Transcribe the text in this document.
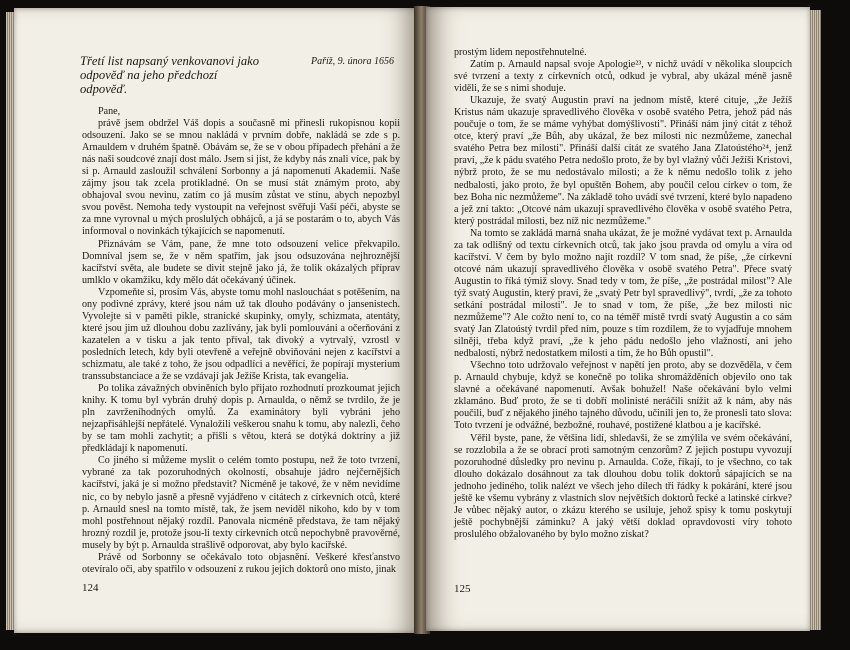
Třetí list napsaný venkovanovi jako odpověď na jeho předchozí odpověď.
Paříž, 9. února 1656

Pane,

právě jsem obdržel Váš dopis a současně mi přinesli rukopisnou kopii odsouzení. Jako se se mnou nakládá v prvním dobře, nakládá se zde s p. Arnauldem v druhém špatně. Obávám se, že se v obou případech přehání a že nás naši soudcové znají dost málo. Jsem si jist, že kdyby nás znali více, pak by si p. Arnauld zasloužil schválení Sorbonny a já napomenutí Akademii. Naše zájmy jsou tak zcela protikladné. On se musí stát známým proto, aby obhajoval svou nevinu, zatím co já musím zůstat ve stínu, abych nepozbyl svou pověst. Nemoha tedy vystoupit na veřejnost svěřuji Vaší péči, abyste se za mne vyrovnal u mých proslulých obhájců, a já se postarám o to, abych Vás informoval o novinkách týkajících se napomenutí.

Přiznávám se Vám, pane, že mne toto odsouzení velice překvapilo. Domníval jsem se, že v něm spatřím, jak jsou odsuzována nejhroznější kacířství světa, ale budete se divit stejně jako já, že tolik okázalých příprav umlklo v okamžiku, kdy mělo dát očekávaný účinek.

Vzpomeňte si, prosím Vás, abyste tomu mohl nasloucháat s potěšením, na ony podivné zprávy, které jsou nám už tak dlouho podávány o jansenistech. Vyvolejte si v paměti pikle, stranické skupinky, omyly, schizmata, atentáty, které jsou jim už dlouhou dobu zazlívány, jak byli pomlouváni a očerňováni z kazatelen a v tisku a jak tento příval, tak divoký a vytrvalý, vzrostl v posledních letech, kdy byli otevřeně a veřejně obviňováni nejen z kacířství a schizmatu, ale také z toho, že jsou odpadlíci a nevěřící, že popírají mysterium transsubstanciace a že se vzdávají jak Ježíše Krista, tak evangelia.

Po tolika závažných obviněních bylo přijato rozhodnutí prozkoumat jejich knihy. K tomu byl vybrán druhý dopis p. Arnaulda, o němž se tvrdilo, že je pln zavrženíhodných omylů. Za examinátory byli vybráni jeho nejzapřisáhlejší nepřátelé. Vynaložili veškerou snahu k tomu, aby nalezli, čeho by se tam mohli zachytit; a přišli s větou, která se dotýká doktríny a již předkládají k napomenutí.

Co jiného si můžeme myslit o celém tomto postupu, než že toto tvrzení, vybrané za tak pozoruhodných okolností, obsahuje jádro nejčernějších kacířství, jaká je si možno představit? Nicméně je takové, že v něm nevidíme nic, co by nebylo jasně a přesně vyjádřeno v citátech z církevních otců, které p. Arnauld snesl na tomto místě, tak, že jsem neviděl nikoho, kdo by v tom mohl postřehnout nějaký rozdíl. Panovala nicméně představa, že tam nějaký hrozný rozdíl je, protože jsou-li texty církevních otců nepochybně pravověrné, musely by být p. Arnaulda strašlivě odporovat, aby bylo kacířské.

Právě od Sorbonny se očekávalo toto objasnění. Veškeré křesťanstvo otevíralo oči, aby spatřilo v odsouzení z rukou jejích doktorů ono místo, jinak

124

prostým lidem nepostřehnutelné.

Zatím p. Arnauld napsal svoje Apologie²³, v nichž uvádí v několika sloupcích své tvrzení a texty z církevních otců, odkud je vybral, aby ukázal méně jasně viděli, že se s nimi shoduje.

Ukazuje, že svatý Augustin praví na jednom místě, které cituje, „že Ježíš Kristus nám ukazuje spravedlivého člověka v osobě svatého Petra, jehož pád nás poučuje o tom, že se máme vyhýbat domýšlivosti". Přináší nám jiný citát z téhož otce, který praví „že Bůh, aby ukázal, že bez milosti nic nezmůžeme, zanechal svatého Petra bez milosti". Přináší další citát ze svatého Jana Zlatoústého²⁴, jenž praví, „že k pádu svatého Petra nedošlo proto, že by byl vlažný vůči Ježíši Kristovi, nýbrž proto, že se mu nedostávalo milosti; a že k němu nedošlo tolik z jeho nedbalosti, jako proto, že byl opuštěn Bohem, aby poučil celou církev o tom, že bez Boha nic nezmůžeme". Na základě toho uvádí své tvrzení, které bylo napadeno a jež zní takto: „Otcové nám ukazují spravedlivého člověka v osobě svatého Petra, který postrádal milosti, bez níž nic nezmůžeme."

Na tomto se zakládá marná snaha ukázat, že je možné vydávat text p. Arnaulda za tak odlišný od textu církevních otců, tak jako jsou pravda od omylu a víra od kacířství. V čem by bylo možno najít rozdíl? V tom snad, že píše, „že církevní otcové nám ukazují spravedlivého člověka v osobě svatého Petra". Přece svatý Augustin to říká týmiž slovy. Snad tedy v tom, že píše, „že postrádal milost"? Ale týž svatý Augustin, který praví, že „svatý Petr byl spravedlivý", tvrdí, „že za tohoto setkání postrádal milosti". Je to snad v tom, že píše, „že bez milosti nic nezmůžeme"? Ale cožto není to, co na téměř místě tvrdí svatý Augustin a co sám svatý Jan Zlatoústý tvrdil před ním, pouze s tím rozdílem, že to vyjadřuje mnohem silněji, třeba když praví, „že k jeho pádu nedošlo jeho vlažností, ani jeho nedbalostí, nýbrž nedostatkem milosti a tím, že ho Bůh opustil".

Všechno toto udržovalo veřejnost v napětí jen proto, aby se dozvěděla, v čem p. Arnauld chybuje, když se konečně po tolika shromážděních objevilo ono tak slavné a očekávané napomenutí. Avšak bohužel! Naše očekávání bylo velmi zklamáno. Buď proto, že se ti dobří molinisté neráčili snížit až k nám, aby nás poučili, buď z nějakého jiného tajného důvodu, učinili jen to, že pronesli tato slova: Toto tvrzení je odvážné, bezbožné, rouhavé, postižené klatbou a je kacířské.

Věřil byste, pane, že většina lidí, shledavši, že se zmýlila ve svém očekávání, se rozzlobila a že se obrací proti samotným cenzorům? Z jejich postupu vyvozují pozoruhodné důsledky pro nevinu p. Arnaulda. Cože, říkají, to je všechno, co tak dlouho dokázalo dosáhnout za tak dlouhou dobu tolik doktorů sápajících se na jednoho jediného, tolik nalézt ve všech jeho dílech tři řádky k pokárání, které jsou ještě ke všemu vybrány z vlastních slov největších doktorů řecké a latinské církve? Je vůbec nějaký autor, o zkázu kterého se usiluje, jehož spisy k tomu poskytují ještě pochybnější záminku? A jaký větší doklad opravdovosti víry tohoto proslulého obžalovaného by bylo možno získat?

125
